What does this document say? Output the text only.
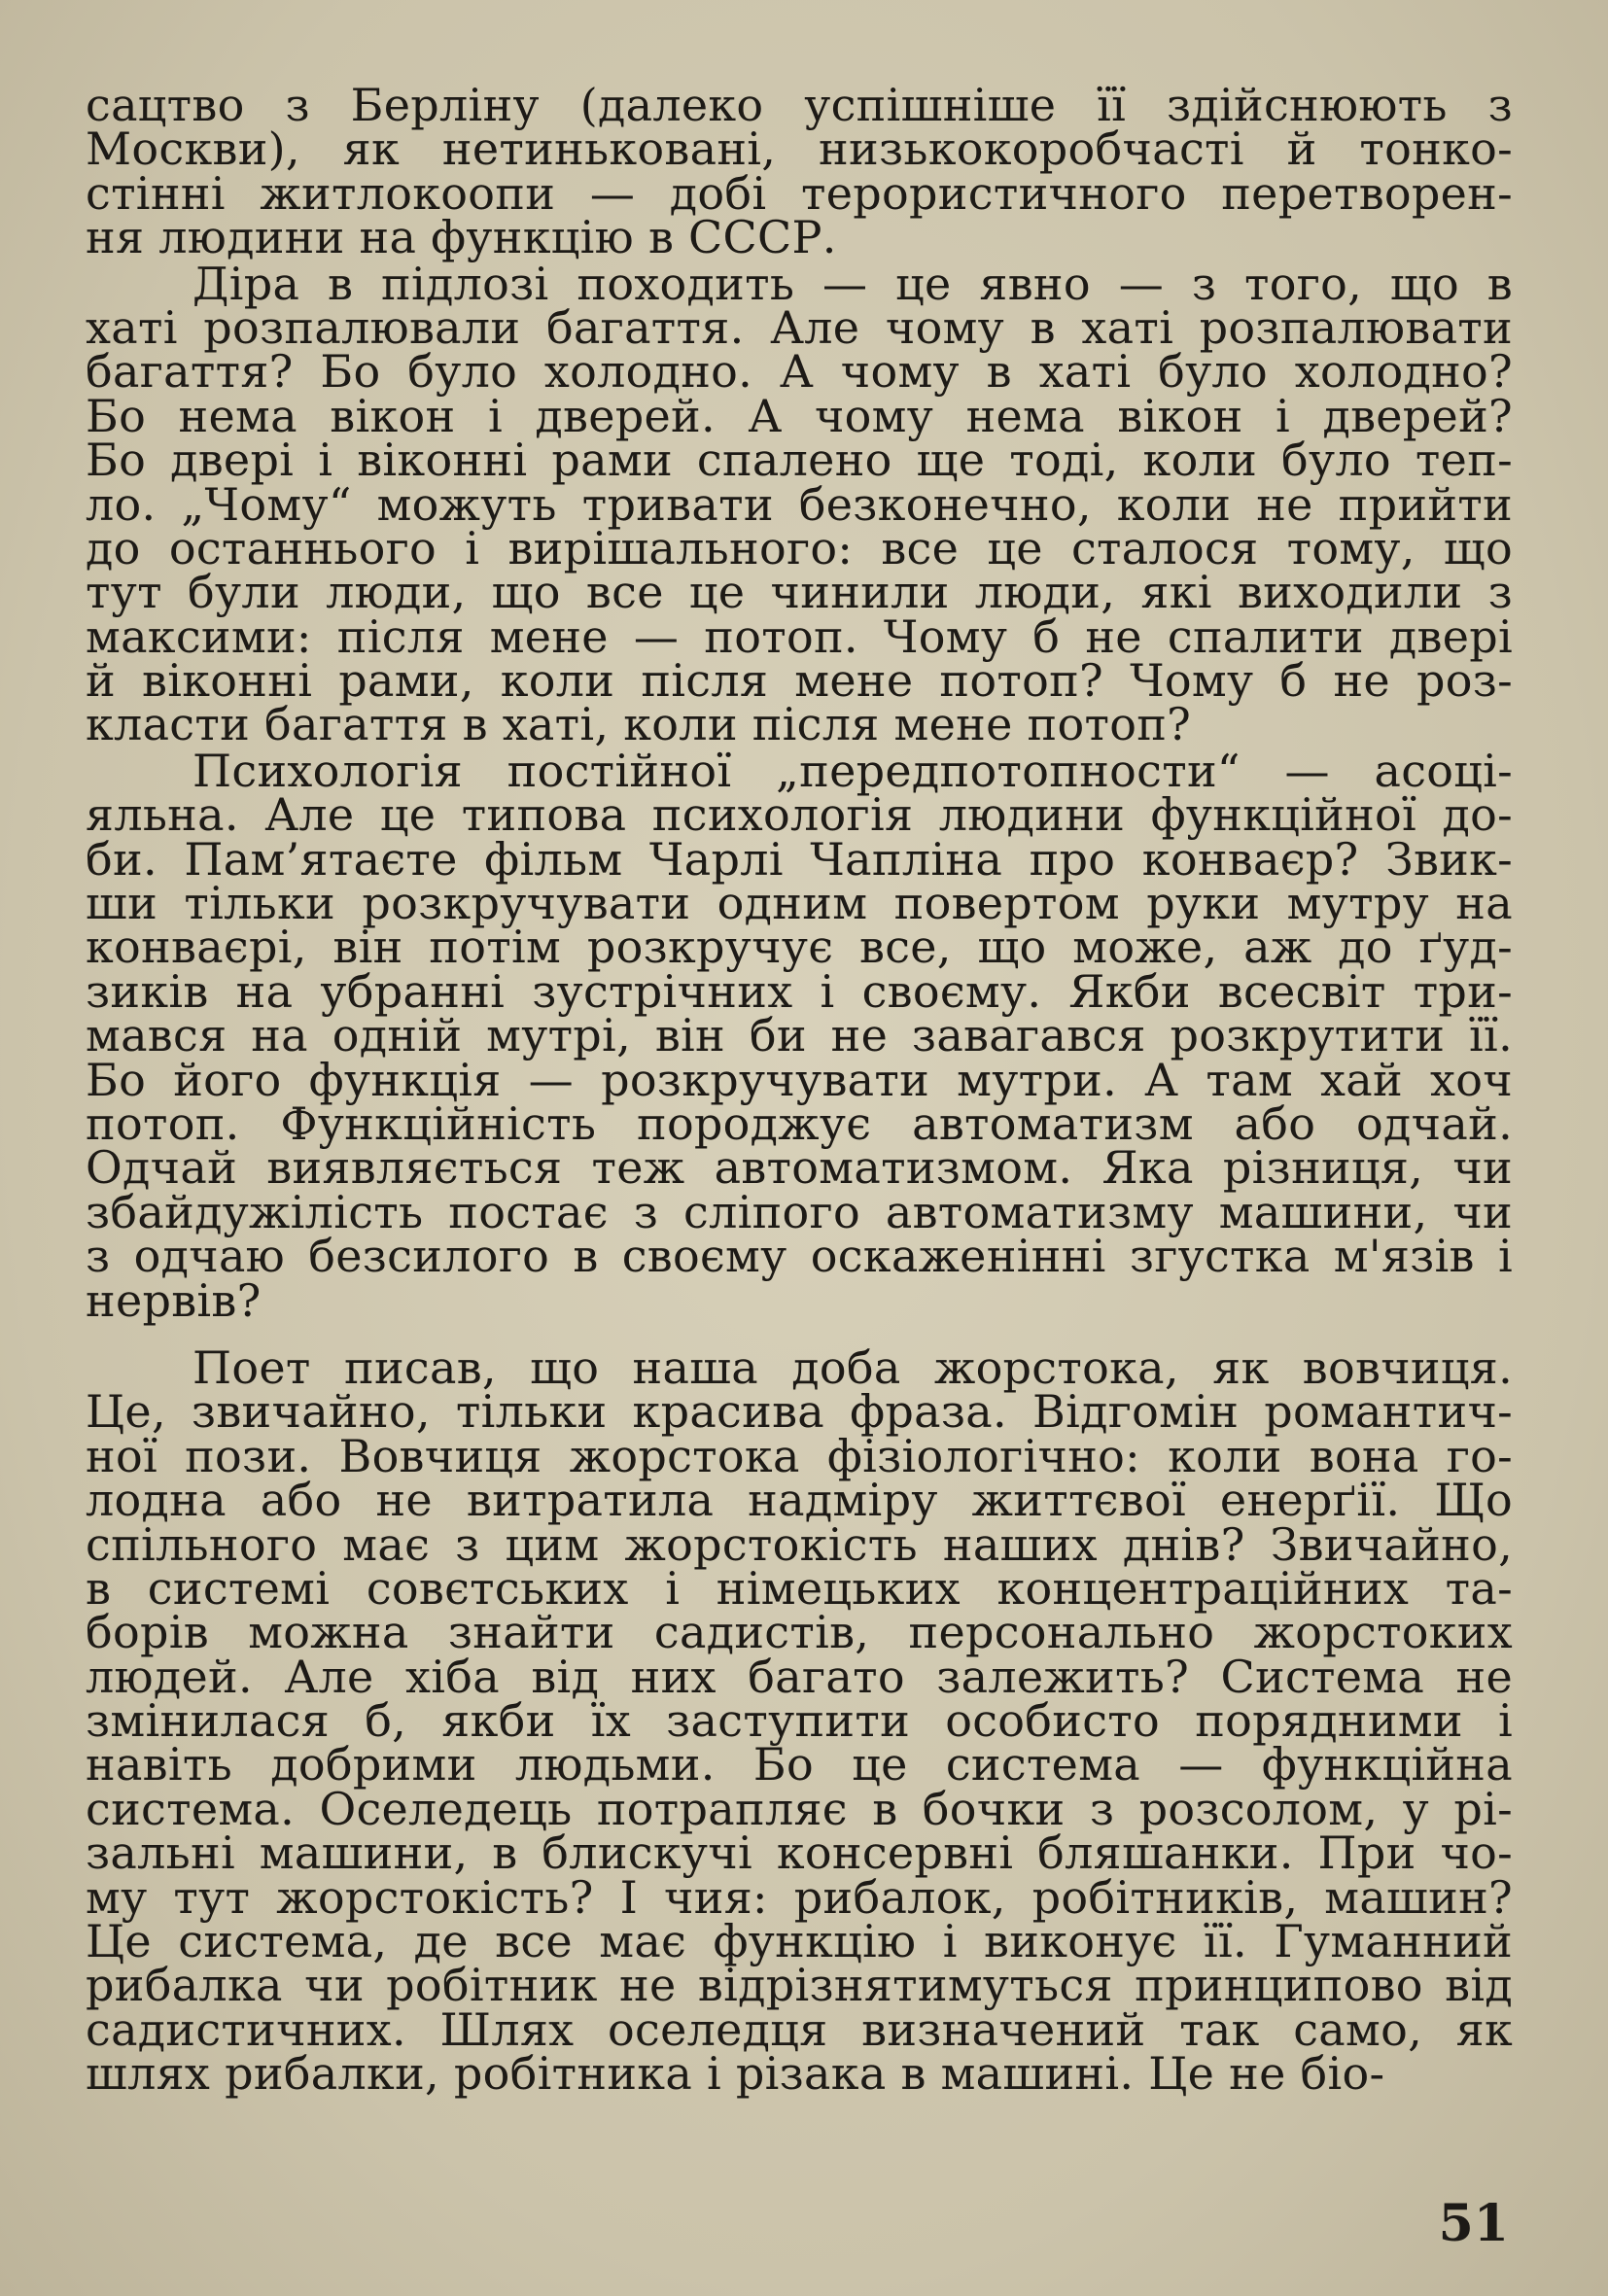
сацтво з Берліну (далеко успішніше її здійснюють з
Москви), як нетиньковані, низькокоробчасті й тонко-
стінні житлокоопи — добі терористичного перетворен-
ня людини на функцію в СССР.
Діра в підлозі походить — це явно — з того, що в
хаті розпалювали багаття. Але чому в хаті розпалювати
багаття? Бо було холодно. А чому в хаті було холодно?
Бо нема вікон і дверей. А чому нема вікон і дверей?
Бо двері і віконні рами спалено ще тоді, коли було теп-
ло. „Чому“ можуть тривати безконечно, коли не прийти
до останнього і вирішального: все це сталося тому, що
тут були люди, що все це чинили люди, які виходили з
максими: після мене — потоп. Чому б не спалити двері
й віконні рами, коли після мене потоп? Чому б не роз-
класти багаття в хаті, коли після мене потоп?
Психологія постійної „передпотопности“ — асоці-
яльна. Але це типова психологія людини функційної до-
би. Пам’ятаєте фільм Чарлі Чапліна про конваєр? Звик-
ши тільки розкручувати одним повертом руки мутру на
конваєрі, він потім розкручує все, що може, аж до ґуд-
зиків на убранні зустрічних і своєму. Якби всесвіт три-
мався на одній мутрі, він би не завагався розкрутити її.
Бо його функція — розкручувати мутри. А там хай хоч
потоп. Функційність породжує автоматизм або одчай.
Одчай виявляється теж автоматизмом. Яка різниця, чи
збайдужілість постає з сліпого автоматизму машини, чи
з одчаю безсилого в своєму оскаженінні згустка м'язів і
нервів?
Поет писав, що наша доба жорстока, як вовчиця.
Це, звичайно, тільки красива фраза. Відгомін романтич-
ної пози. Вовчиця жорстока фізіологічно: коли вона го-
лодна або не витратила надміру життєвої енерґії. Що
спільного має з цим жорстокість наших днів? Звичайно,
в системі совєтських і німецьких концентраційних та-
борів можна знайти садистів, персонально жорстоких
людей. Але хіба від них багато залежить? Система не
змінилася б, якби їх заступити особисто порядними і
навіть добрими людьми. Бо це система — функційна
система. Оселедець потрапляє в бочки з розсолом, у рі-
зальні машини, в блискучі консервні бляшанки. При чо-
му тут жорстокість? І чия: рибалок, робітників, машин?
Це система, де все має функцію і виконує її. Гуманний
рибалка чи робітник не відрізнятимуться принципово від
садистичних. Шлях оселедця визначений так само, як
шлях рибалки, робітника і різака в машині. Це не біо-
51
